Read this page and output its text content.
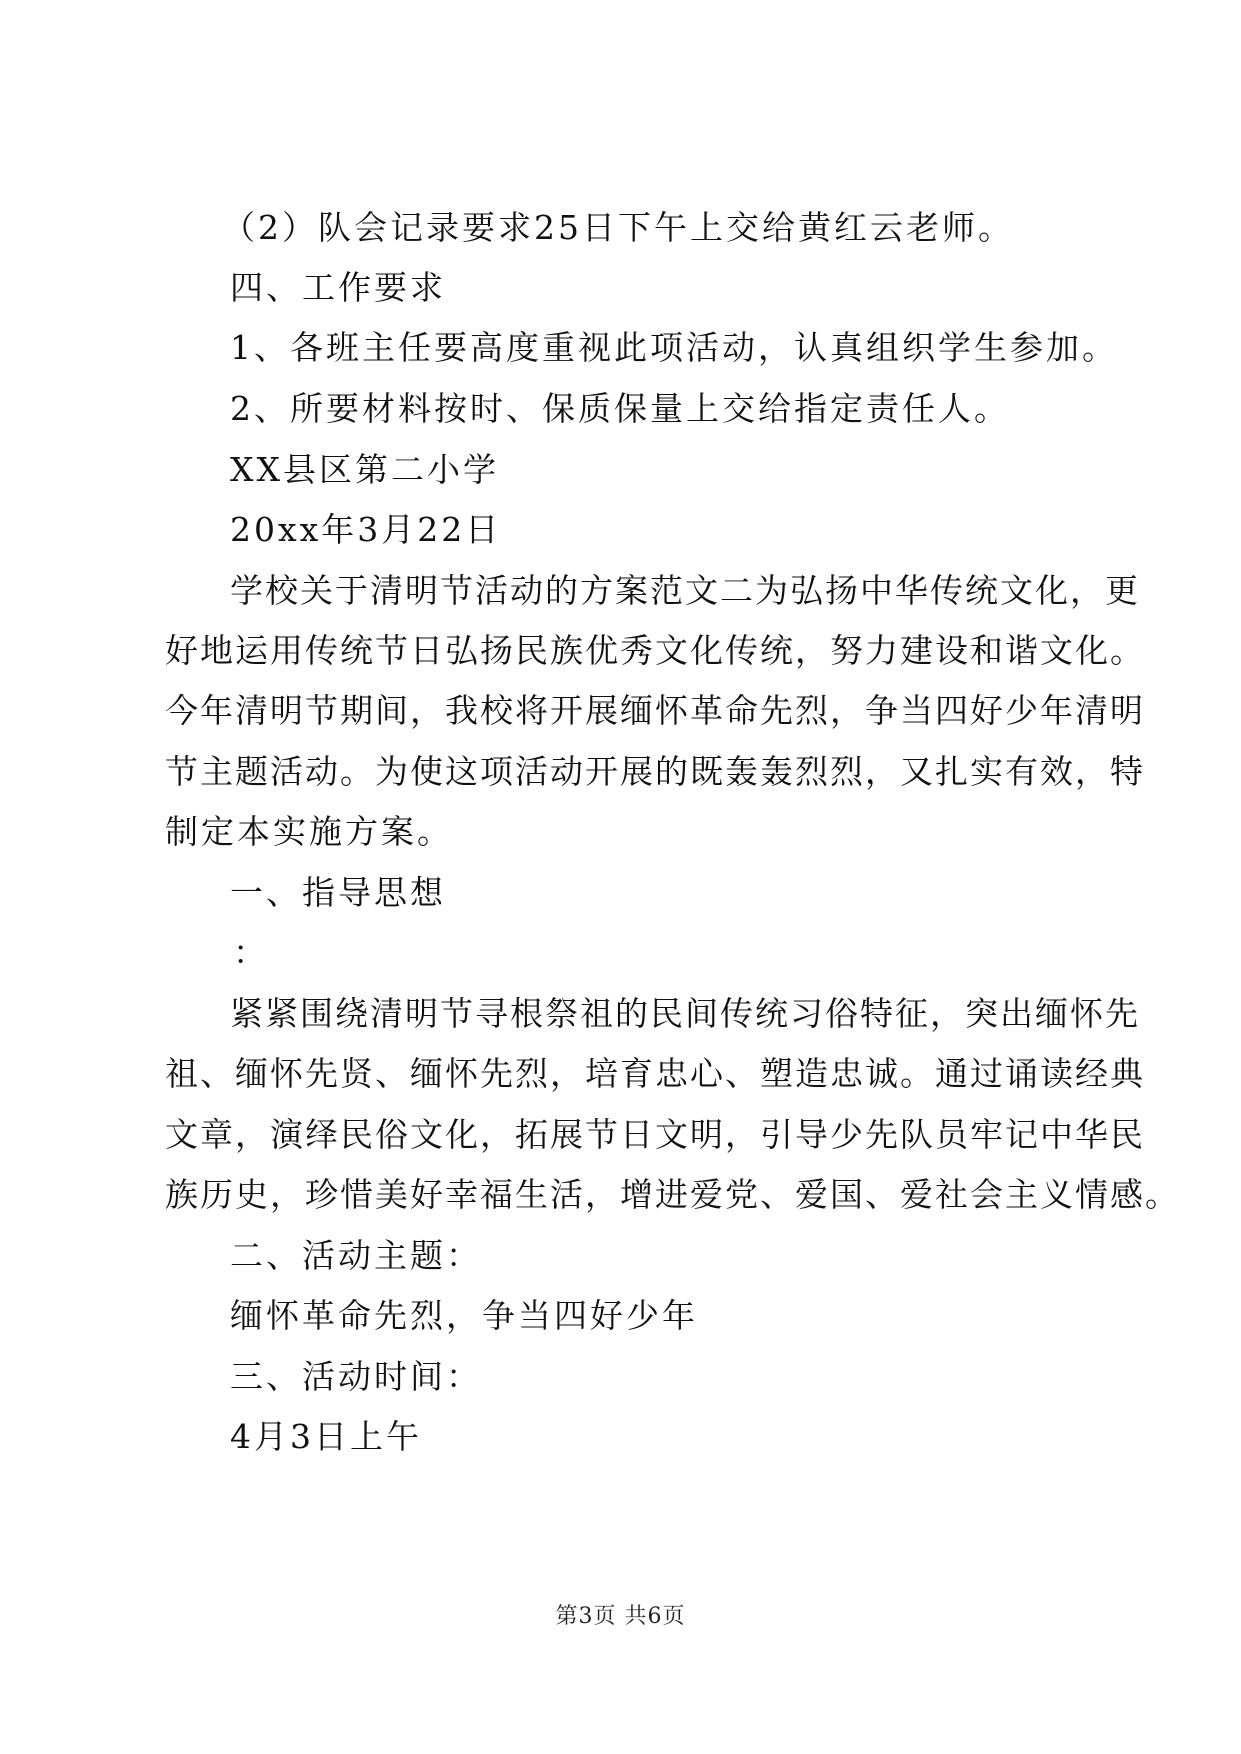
（2）队会记录要求25日下午上交给黄红云老师。
四、工作要求
1、各班主任要高度重视此项活动，认真组织学生参加。
2、所要材料按时、保质保量上交给指定责任人。
XX县区第二小学
20xx年3月22日
学校关于清明节活动的方案范文二为弘扬中华传统文化，更
好地运用传统节日弘扬民族优秀文化传统，努力建设和谐文化。
今年清明节期间，我校将开展缅怀革命先烈，争当四好少年清明
节主题活动。为使这项活动开展的既轰轰烈烈，又扎实有效，特
制定本实施方案。
一、指导思想
：
紧紧围绕清明节寻根祭祖的民间传统习俗特征，突出缅怀先
祖、缅怀先贤、缅怀先烈，培育忠心、塑造忠诚。通过诵读经典
文章，演绎民俗文化，拓展节日文明，引导少先队员牢记中华民
族历史，珍惜美好幸福生活，增进爱党、爱国、爱社会主义情感。
二、活动主题：
缅怀革命先烈，争当四好少年
三、活动时间：
4月3日上午
第3页 共6页
